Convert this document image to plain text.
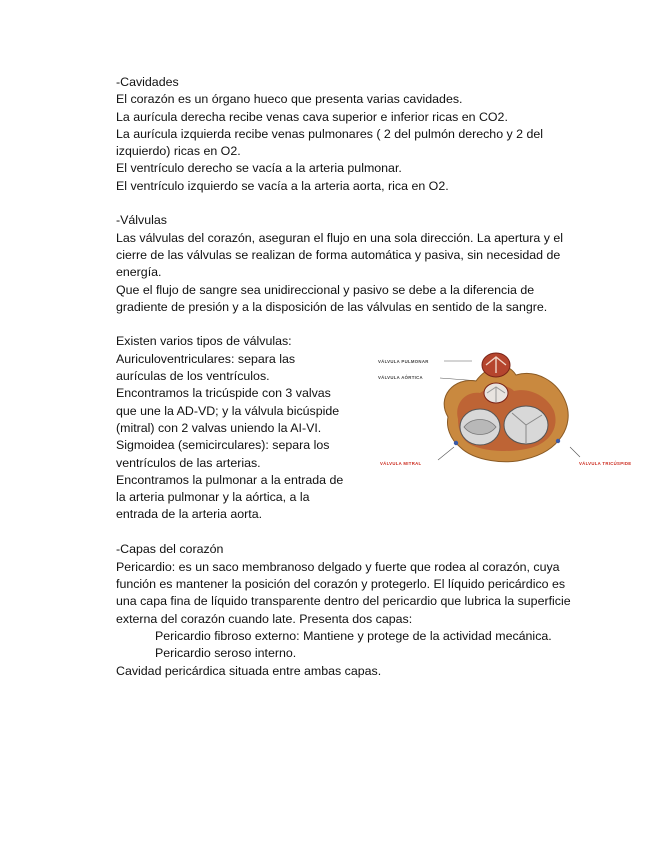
-Cavidades

El corazón es un órgano hueco que presenta varias cavidades.

La aurícula derecha recibe venas cava superior e inferior ricas en CO2.

La aurícula izquierda recibe venas pulmonares ( 2 del pulmón derecho y 2 del izquierdo) ricas en O2.

El ventrículo derecho se vacía a la arteria pulmonar.

El ventrículo izquierdo se vacía a la arteria aorta, rica en O2.

-Válvulas

Las válvulas del corazón, aseguran el flujo en una sola dirección. La apertura y el cierre de las válvulas se realizan de forma automática y pasiva, sin necesidad de energía.

Que el flujo de sangre sea unidireccional y pasivo se debe a la diferencia de gradiente de presión y a la disposición de las válvulas en sentido de la sangre.

Existen varios tipos de válvulas:

Auriculoventriculares: separa las aurículas de los ventrículos.

Encontramos la tricúspide con 3 valvas que une la AD-VD; y la válvula bicúspide (mitral) con 2 valvas uniendo la AI-VI.

Sigmoidea (semicirculares): separa los ventrículos de las arterias.

Encontramos la pulmonar a la entrada de la arteria pulmonar y la aórtica, a la entrada de la arteria aorta.

VÁLVULA PULMONAR
VÁLVULA AÓRTICA
VÁLVULA MITRAL	VÁLVULA TRICÚSPIDE

-Capas del corazón

Pericardio: es un saco membranoso delgado y fuerte que rodea al corazón, cuya función es mantener la posición del corazón y protegerlo. El líquido pericárdico es una capa fina de líquido transparente dentro del pericardio que lubrica la superficie externa del corazón cuando late. Presenta dos capas:

Pericardio fibroso externo: Mantiene y protege de la actividad mecánica.

Pericardio seroso interno.

Cavidad pericárdica situada entre ambas capas.
